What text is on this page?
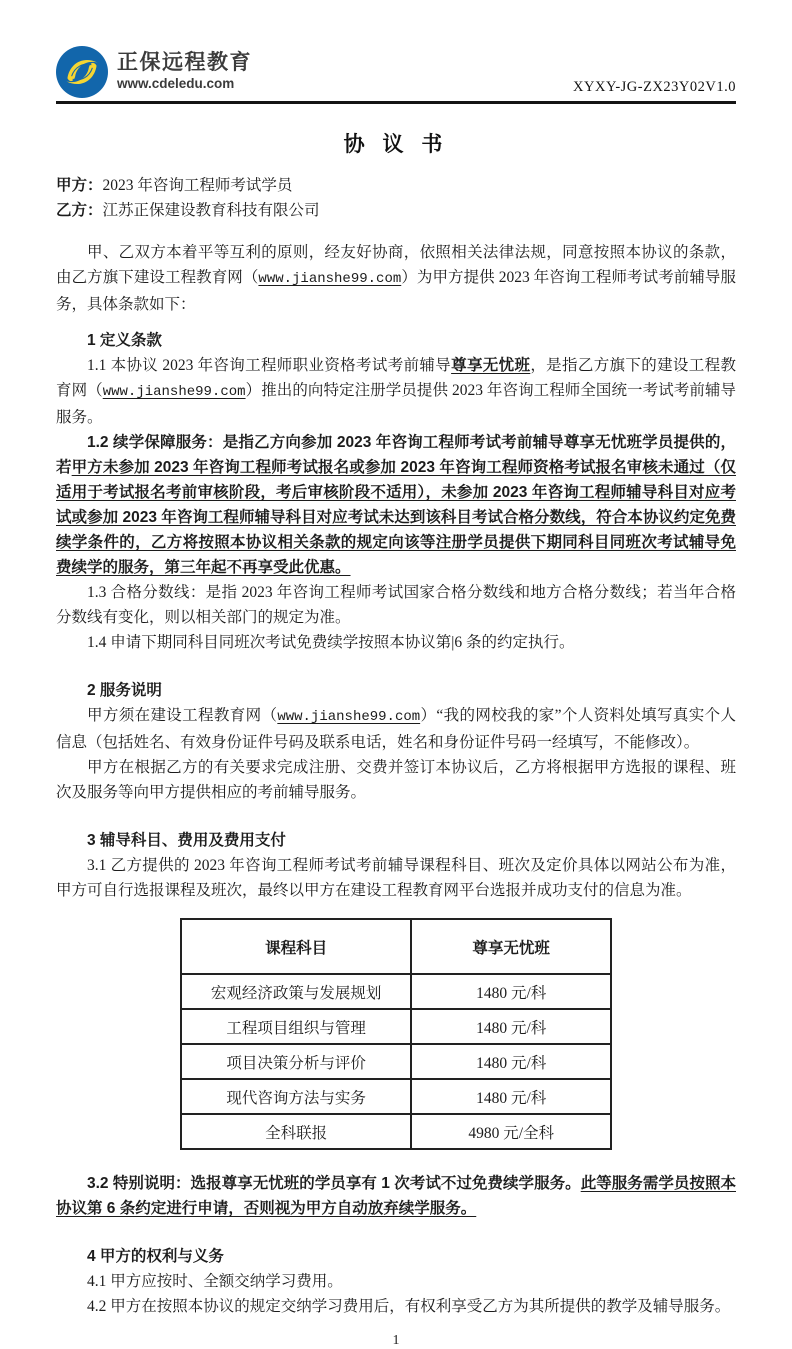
正保远程教育
www.cdeledu.com	XYXY-JG-ZX23Y02V1.0
协 议 书
甲方：2023 年咨询工程师考试学员
乙方：江苏正保建设教育科技有限公司

甲、乙双方本着平等互利的原则，经友好协商，依照相关法律法规，同意按照本协议的条款，由乙方旗下建设工程教育网（www.jianshe99.com）为甲方提供 2023 年咨询工程师考试考前辅导服务，具体条款如下：

1 定义条款

1.1 本协议 2023 年咨询工程师职业资格考试考前辅导尊享无忧班，是指乙方旗下的建设工程教育网（www.jianshe99.com）推出的向特定注册学员提供 2023 年咨询工程师全国统一考试考前辅导服务。

1.2 续学保障服务：是指乙方向参加 2023 年咨询工程师考试考前辅导尊享无忧班学员提供的，若甲方未参加 2023 年咨询工程师考试报名或参加 2023 年咨询工程师资格考试报名审核未通过（仅适用于考试报名考前审核阶段，考后审核阶段不适用），未参加 2023 年咨询工程师辅导科目对应考试或参加 2023 年咨询工程师辅导科目对应考试未达到该科目考试合格分数线，符合本协议约定免费续学条件的，乙方将按照本协议相关条款的规定向该等注册学员提供下期同科目同班次考试辅导免费续学的服务，第三年起不再享受此优惠。

1.3 合格分数线：是指 2023 年咨询工程师考试国家合格分数线和地方合格分数线；若当年合格分数线有变化，则以相关部门的规定为准。

1.4 申请下期同科目同班次考试免费续学按照本协议第|6 条的约定执行。

2 服务说明

甲方须在建设工程教育网（www.jianshe99.com）“我的网校我的家”个人资料处填写真实个人信息（包括姓名、有效身份证件号码及联系电话，姓名和身份证件号码一经填写，不能修改）。

甲方在根据乙方的有关要求完成注册、交费并签订本协议后，乙方将根据甲方选报的课程、班次及服务等向甲方提供相应的考前辅导服务。

3 辅导科目、费用及费用支付

3.1 乙方提供的 2023 年咨询工程师考试考前辅导课程科目、班次及定价具体以网站公布为准，甲方可自行选报课程及班次，最终以甲方在建设工程教育网平台选报并成功支付的信息为准。

课程科目	尊享无忧班
宏观经济政策与发展规划	1480 元/科
工程项目组织与管理	1480 元/科
项目决策分析与评价	1480 元/科
现代咨询方法与实务	1480 元/科
全科联报	4980 元/全科

3.2 特别说明：选报尊享无忧班的学员享有 1 次考试不过免费续学服务。此等服务需学员按照本协议第 6 条约定进行申请，否则视为甲方自动放弃续学服务。

4 甲方的权利与义务

4.1 甲方应按时、全额交纳学习费用。

4.2 甲方在按照本协议的规定交纳学习费用后，有权利享受乙方为其所提供的教学及辅导服务。

1
